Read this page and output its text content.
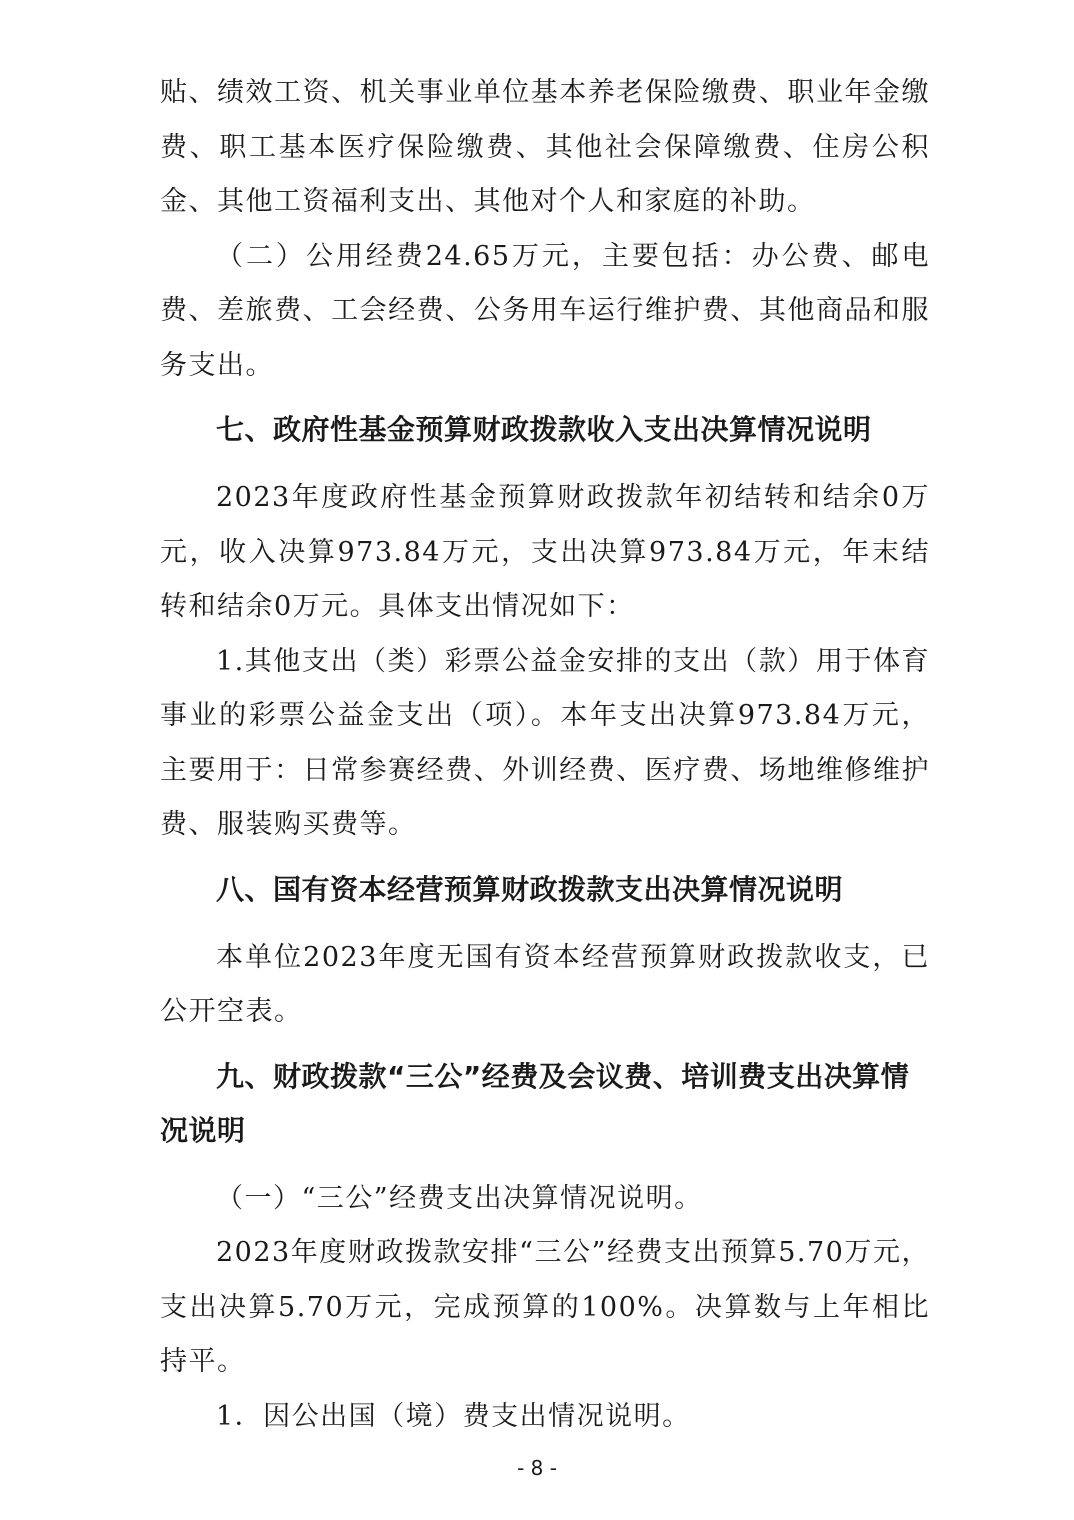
贴、绩效工资、机关事业单位基本养老保险缴费、职业年金缴费、职工基本医疗保险缴费、其他社会保障缴费、住房公积金、其他工资福利支出、其他对个人和家庭的补助。

（二）公用经费24.65万元，主要包括：办公费、邮电费、差旅费、工会经费、公务用车运行维护费、其他商品和服务支出。

七、政府性基金预算财政拨款收入支出决算情况说明

2023年度政府性基金预算财政拨款年初结转和结余0万元，收入决算973.84万元，支出决算973.84万元，年末结转和结余0万元。具体支出情况如下：

1.其他支出（类）彩票公益金安排的支出（款）用于体育事业的彩票公益金支出（项）。本年支出决算973.84万元，主要用于：日常参赛经费、外训经费、医疗费、场地维修维护费、服装购买费等。

八、国有资本经营预算财政拨款支出决算情况说明

本单位2023年度无国有资本经营预算财政拨款收支，已公开空表。

九、财政拨款“三公”经费及会议费、培训费支出决算情况说明

（一）“三公”经费支出决算情况说明。

2023年度财政拨款安排“三公”经费支出预算5.70万元，支出决算5.70万元，完成预算的100%。决算数与上年相比持平。

1．因公出国（境）费支出情况说明。

- 8 -
